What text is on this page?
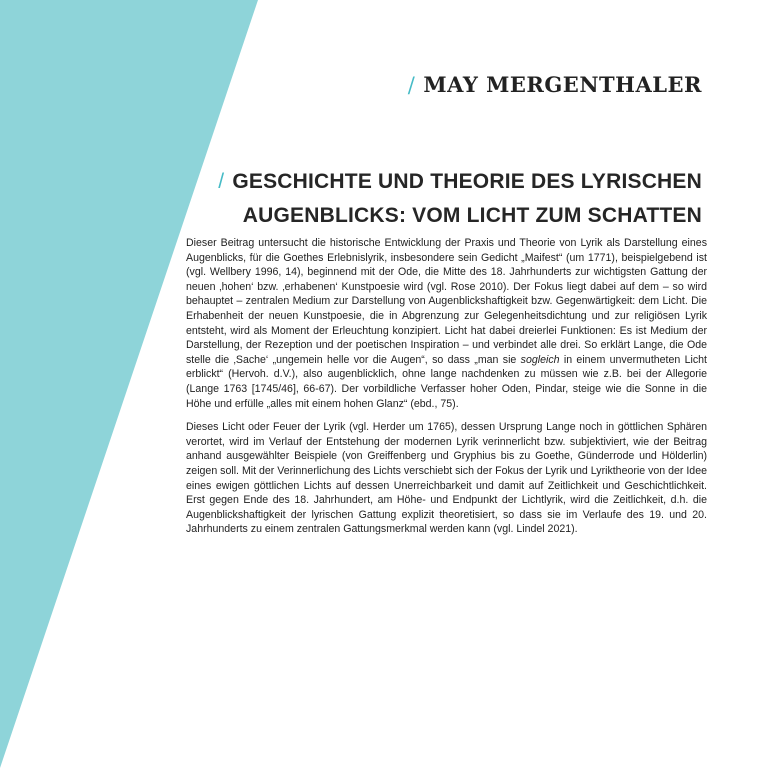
/ MAY MERGENTHALER
/ GESCHICHTE UND THEORIE DES LYRISCHEN
AUGENBLICKS: VOM LICHT ZUM SCHATTEN

Dieser Beitrag untersucht die historische Entwicklung der Praxis und Theorie von Lyrik als Darstellung eines Augenblicks, für die Goethes Erlebnislyrik, insbesondere sein Gedicht „Maifest“ (um 1771), beispielgebend ist (vgl. Wellbery 1996, 14), beginnend mit der Ode, die Mitte des 18. Jahrhunderts zur wichtigsten Gattung der neuen ‚hohen‘ bzw. ‚erhabenen‘ Kunstpoesie wird (vgl. Rose 2010). Der Fokus liegt dabei auf dem – so wird behauptet – zentralen Medium zur Darstellung von Augenblickshaftigkeit bzw. Gegenwärtigkeit: dem Licht. Die Erhabenheit der neuen Kunstpoesie, die in Abgrenzung zur Gelegenheitsdichtung und zur religiösen Lyrik entsteht, wird als Moment der Erleuchtung konzipiert. Licht hat dabei dreierlei Funktionen: Es ist Medium der Darstellung, der Rezeption und der poetischen Inspiration – und verbindet alle drei. So erklärt Lange, die Ode stelle die ‚Sache‘ „ungemein helle vor die Augen“, so dass „man sie sogleich in einem unvermutheten Licht erblickt“ (Hervoh. d.V.), also augenblicklich, ohne lange nachdenken zu müssen wie z.B. bei der Allegorie (Lange 1763 [1745/46], 66-67). Der vorbildliche Verfasser hoher Oden, Pindar, steige wie die Sonne in die Höhe und erfülle „alles mit einem hohen Glanz“ (ebd., 75).

Dieses Licht oder Feuer der Lyrik (vgl. Herder um 1765), dessen Ursprung Lange noch in göttlichen Sphären verortet, wird im Verlauf der Entstehung der modernen Lyrik verinnerlicht bzw. subjektiviert, wie der Beitrag anhand ausgewählter Beispiele (von Greiffenberg und Gryphius bis zu Goethe, Günderrode und Hölderlin) zeigen soll. Mit der Verinnerlichung des Lichts verschiebt sich der Fokus der Lyrik und Lyriktheorie von der Idee eines ewigen göttlichen Lichts auf dessen Unerreichbarkeit und damit auf Zeitlichkeit und Geschichtlichkeit. Erst gegen Ende des 18. Jahrhundert, am Höhe- und Endpunkt der Lichtlyrik, wird die Zeitlichkeit, d.h. die Augenblickshaftigkeit der lyrischen Gattung explizit theoretisiert, so dass sie im Verlaufe des 19. und 20. Jahrhunderts zu einem zentralen Gattungsmerkmal werden kann (vgl. Lindel 2021).
